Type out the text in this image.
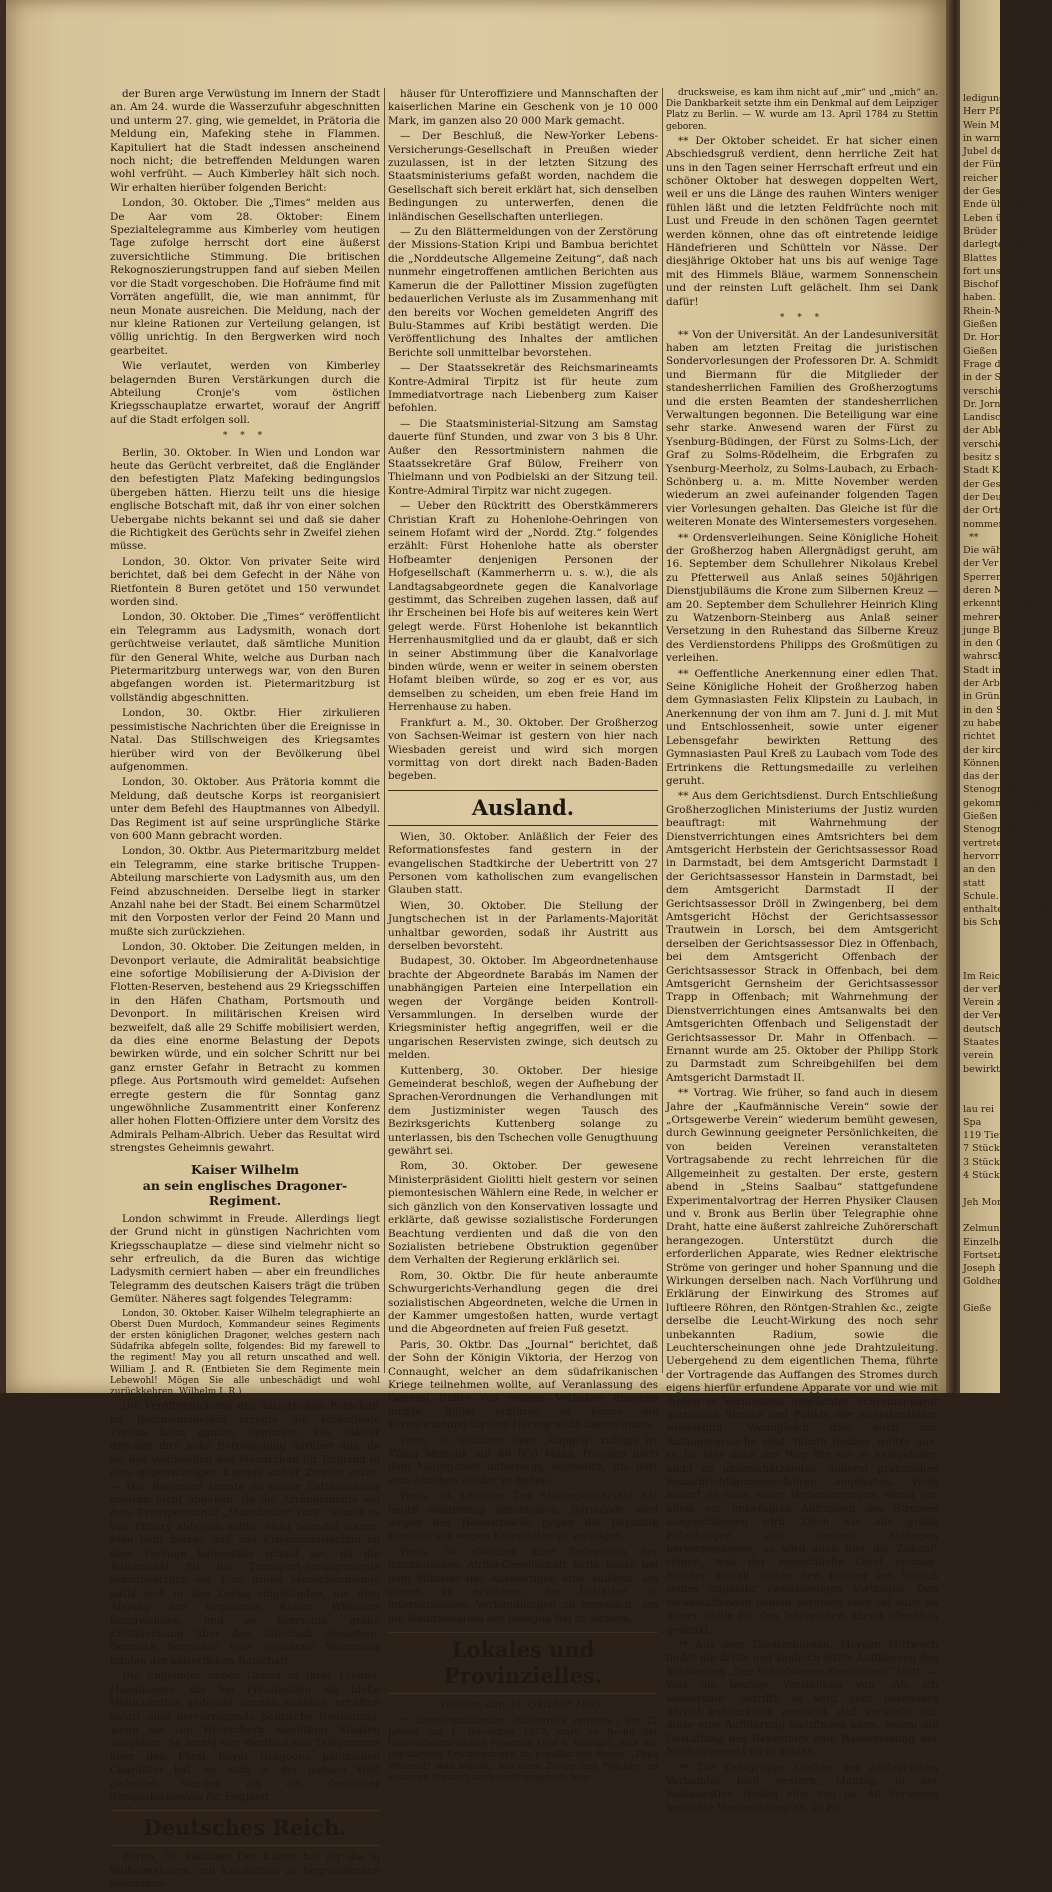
ledigung der
Herr Pfarrer
Wein Mainz
in warmen
Jubel der
der Fünfzig
reicher Deutsch
der Geschich
Ende über die
Leben über die
Brüder zu
darlegte, daß
Blattes zu
fort unser
Bischof dem
haben. Die
Rhein-Main
Gießen durch
Dr. Horn und
Gießen soll
Frage der
in der Sitz
verschieden
Dr. Jorn und
Landischen
der Ablehnung
verschieden
besitz sei es
Stadt Kasselmann
der Gesetz
der Deutsche
der Ortsgruppe
nommen.
**
Die während
der Ver
Sperren des
deren Mitglie
erkenntlich, den
mehrere
junge Besitzer
in den Ort
wahrscheinlich
Stadt in Hausa
der Arbeit
in Grünberg
in den Statt
zu haben
richtet
der kirchlichen
Können, verlau
das der den
Stenograph
gekommen, und
Gießen und
Stenograph
vertreten
hervorragende
an den
statt
Schule. Ein
enthaltene Stunde
bis Schule

Im Reichs
der verhan
Verein zu
der Verein
deutschen
Staates
verein
bewirkt

lau rei
Spa
119 Tiefstr
7 Stück
3 Stück
4 Stück

Jeh Monatung

Zelmund
Einzelheiten
Fortsetzung
Joseph Hol
Goldhenner

Gieße

der Buren arge Verwüstung im Innern der Stadt an. Am 24. wurde die Wasserzufuhr abgeschnitten und unterm 27. ging, wie gemeldet, in Prätoria die Meldung ein, Mafeking stehe in Flammen. Kapituliert hat die Stadt indessen anscheinend noch nicht; die betreffenden Meldungen waren wohl verfrüht. — Auch Kimberley hält sich noch. Wir erhalten hierüber folgenden Bericht:

London, 30. Oktober. Die „Times“ melden aus De Aar vom 28. Oktober: Einem Spezialtelegramme aus Kimberley vom heutigen Tage zufolge herrscht dort eine äußerst zuversichtliche Stimmung. Die britischen Rekognoszierungstruppen fand auf sieben Meilen vor die Stadt vorgeschoben. Die Hofräume find mit Vorräten angefüllt, die, wie man annimmt, für neun Monate ausreichen. Die Meldung, nach der nur kleine Rationen zur Verteilung gelangen, ist völlig unrichtig. In den Bergwerken wird noch gearbeitet.

Wie verlautet, werden von Kimberley belagernden Buren Verstärkungen durch die Abteilung Cronje's vom östlichen Kriegsschauplatze erwartet, worauf der Angriff auf die Stadt erfolgen soll.

* * *

Berlin, 30. Oktober. In Wien und London war heute das Gerücht verbreitet, daß die Engländer den befestigten Platz Mafeking bedingungslos übergeben hätten. Hierzu teilt uns die hiesige englische Botschaft mit, daß ihr von einer solchen Uebergabe nichts bekannt sei und daß sie daher die Richtigkeit des Gerüchts sehr in Zweifel ziehen müsse.

London, 30. Oktor. Von privater Seite wird berichtet, daß bei dem Gefecht in der Nähe von Rietfontein 8 Buren getötet und 150 verwundet worden sind.

London, 30. Oktober. Die „Times“ veröffentlicht ein Telegramm aus Ladysmith, wonach dort gerüchtweise verlautet, daß sämtliche Munition für den General White, welche aus Durban nach Pietermaritzburg unterwegs war, von den Buren abgefangen worden ist. Pietermaritzburg ist vollständig abgeschnitten.

London, 30. Oktbr. Hier zirkulieren pessimistische Nachrichten über die Ereignisse in Natal. Das Stillschweigen des Kriegsamtes hierüber wird von der Bevölkerung übel aufgenommen.

London, 30. Oktober. Aus Prätoria kommt die Meldung, daß deutsche Korps ist reorganisiert unter dem Befehl des Hauptmannes von Albedyll. Das Regiment ist auf seine ursprüngliche Stärke von 600 Mann gebracht worden.

London, 30. Oktbr. Aus Pietermaritzburg meldet ein Telegramm, eine starke britische Truppen-Abteilung marschierte von Ladysmith aus, um den Feind abzuschneiden. Derselbe liegt in starker Anzahl nahe bei der Stadt. Bei einem Scharmützel mit den Vorposten verlor der Feind 20 Mann und mußte sich zurückziehen.

London, 30. Oktober. Die Zeitungen melden, in Devonport verlaute, die Admiralität beabsichtige eine sofortige Mobilisierung der A-Division der Flotten-Reserven, bestehend aus 29 Kriegsschiffen in den Häfen Chatham, Portsmouth und Devonport. In militärischen Kreisen wird bezweifelt, daß alle 29 Schiffe mobilisiert werden, da dies eine enorme Belastung der Depots bewirken würde, und ein solcher Schritt nur bei ganz ernster Gefahr in Betracht zu kommen pflege. Aus Portsmouth wird gemeldet: Aufsehen erregte gestern die für Sonntag ganz ungewöhnliche Zusammentritt einer Konferenz aller hohen Flotten-Offiziere unter dem Vorsitz des Admirals Pelham-Albrich. Ueber das Resultat wird strengstes Geheimnis gewahrt.

Kaiser Wilhelm

an sein englisches Dragoner-Regiment.

London schwimmt in Freude. Allerdings liegt der Grund nicht in günstigen Nachrichten vom Kriegsschauplatze — diese sind vielmehr nicht so sehr erfreulich, da die Buren das wichtige Ladysmith cerniert haben — aber ein freundliches Telegramm des deutschen Kaisers trägt die trüben Gemüter. Näheres sagt folgendes Telegramm:

London, 30. Oktober. Kaiser Wilhelm telegraphierte an Oberst Duen Murdoch, Kommandeur seines Regiments der ersten königlichen Dragoner, welches gestern nach Südafrika abfegeln sollte, folgendes: Bid my farewell to the regiment! May you all return unscathed and well. William J. and R. (Entbieten Sie dem Regimente mein Lebewohl! Mögen Sie alle unbeschädigt und wohl zurückkehren. Wilhelm I. R.)

Die Veröffentlichung des kaiserlichen Botschaft im Regimentsbefehl erregte die lebhafteste Freude beim ganzen Regiment. Die Blätter drücken ihre hohe Befriedigung darüber aus, da sie das Wohlwollen des Monarchen für England in dem gegenwärtigen Kampfe außer Zweifel setze. — Das Regiment konnte zu seiner Enttäuschung gestern nicht abgehen, da die Arrangements auf dem Transportschiff „Manchester Port“, womit es von Tilbury abfegeln sollte, nicht beendet waren. Man hebt hervor, daß das Kriegsministerium an dem Verzuge keinesfalls schuld sei, da die Admiralität für die Transport-Arrangements verantwortlich sei. Eine große Menschenmenge hatte sich in den Docks eingefunden, um dem Abgang des Regiments Kaiser Wilhelms beizuwohnen, und es herrschte große Enttäuschung über den Aufschub desselben. Dennoch herrschte eine gehobene Stimmung infolge der kaiserlichen Botschaft.

Die Engländer haben Grund zu ihrer Freude. Handlungen, die bei Privatleuten als bloße Höflichkeiten gedeutet werden könnten, erhalten sofort eine hervorragende politische Bedeutung, wenn sie von Herrschern mächtiger Staaten ausgehen. So wenig der Wortlaut des Telegramms über den Fürst Royal Dragoons politischen Charakter hat, es wird in der ganzen Welt gedeutet werden als ein deutscher Sympathiebeweis für England.

Deutsches Reich.

Berlin, 30. Oktober. Der Kaiser hat für die in Wilhelmshaven und Kiautschou zu begründenden Seemanns-

häuser für Unteroffiziere und Mannschaften der kaiserlichen Marine ein Geschenk von je 10 000 Mark, im ganzen also 20 000 Mark gemacht.

— Der Beschluß, die New-Yorker Lebens-Versicherungs-Gesellschaft in Preußen wieder zuzulassen, ist in der letzten Sitzung des Staatsministeriums gefaßt worden, nachdem die Gesellschaft sich bereit erklärt hat, sich denselben Bedingungen zu unterwerfen, denen die inländischen Gesellschaften unterliegen.

— Zu den Blättermeldungen von der Zerstörung der Missions-Station Kripi und Bambua berichtet die „Norddeutsche Allgemeine Zeitung“, daß nach nunmehr eingetroffenen amtlichen Berichten aus Kamerun die der Pallottiner Mission zugefügten bedauerlichen Verluste als im Zusammenhang mit den bereits vor Wochen gemeldeten Angriff des Bulu-Stammes auf Kribi bestätigt werden. Die Veröffentlichung des Inhaltes der amtlichen Berichte soll unmittelbar bevorstehen.

— Der Staatssekretär des Reichsmarineamts Kontre-Admiral Tirpitz ist für heute zum Immediatvortrage nach Liebenberg zum Kaiser befohlen.

— Die Staatsministerial-Sitzung am Samstag dauerte fünf Stunden, und zwar von 3 bis 8 Uhr. Außer den Ressortministern nahmen die Staatssekretäre Graf Bülow, Freiherr von Thielmann und von Podbielski an der Sitzung teil. Kontre-Admiral Tirpitz war nicht zugegen.

— Ueber den Rücktritt des Oberstkämmerers Christian Kraft zu Hohenlohe-Oehringen von seinem Hofamt wird der „Nordd. Ztg.“ folgendes erzählt: Fürst Hohenlohe hatte als oberster Hofbeamter denjenigen Personen der Hofgesellschaft (Kammerherrn u. s. w.), die als Landtagsabgeordnete gegen die Kanalvorlage gestimmt, das Schreiben zugehen lassen, daß auf ihr Erscheinen bei Hofe bis auf weiteres kein Wert gelegt werde. Fürst Hohenlohe ist bekanntlich Herrenhausmitglied und da er glaubt, daß er sich in seiner Abstimmung über die Kanalvorlage binden würde, wenn er weiter in seinem obersten Hofamt bleiben würde, so zog er es vor, aus demselben zu scheiden, um eben freie Hand im Herrenhause zu haben.

Frankfurt a. M., 30. Oktober. Der Großherzog von Sachsen-Weimar ist gestern von hier nach Wiesbaden gereist und wird sich morgen vormittag von dort direkt nach Baden-Baden begeben.

Ausland.

Wien, 30. Oktober. Anläßlich der Feier des Reformationsfestes fand gestern in der evangelischen Stadtkirche der Uebertritt von 27 Personen vom katholischen zum evangelischen Glauben statt.

Wien, 30. Oktober. Die Stellung der Jungtschechen ist in der Parlaments-Majorität unhaltbar geworden, sodaß ihr Austritt aus derselben bevorsteht.

Budapest, 30. Oktober. Im Abgeordnetenhause brachte der Abgeordnete Barabás im Namen der unabhängigen Parteien eine Interpellation ein wegen der Vorgänge beiden Kontroll-Versammlungen. In derselben wurde der Kriegsminister heftig angegriffen, weil er die ungarischen Reservisten zwinge, sich deutsch zu melden.

Kuttenberg, 30. Oktober. Der hiesige Gemeinderat beschloß, wegen der Aufhebung der Sprachen-Verordnungen die Verhandlungen mit dem Justizminister wegen Tausch des Bezirksgerichts Kuttenberg solange zu unterlassen, bis den Tschechen volle Genugthuung gewährt sei.

Rom, 30. Oktober. Der gewesene Ministerpräsident Giolitti hielt gestern vor seinen piemontesischen Wählern eine Rede, in welcher er sich gänzlich von den Konservativen lossagte und erklärte, daß gewisse sozialistische Forderungen Beachtung verdienten und daß die von den Sozialisten betriebene Obstruktion gegenüber dem Verhalten der Regierung erklärlich sei.

Rom, 30. Oktbr. Die für heute anberaumte Schwurgerichts-Verhandlung gegen die drei sozialistischen Abgeordneten, welche die Urnen in der Kammer umgestoßen hatten, wurde vertagt und die Abgeordneten auf freien Fuß gesetzt.

Paris, 30. Oktbr. Das „Journal“ berichtet, daß der Sohn der Königin Viktoria, der Herzog von Connaught, welcher an dem südafrikanischen Kriege teilnehmen wollte, auf Veranlassung des General Buller von seinem Vorhaben absehen mußte. Buller erklärte, er könne die Verantwortung für den Herzog nicht übernehmen.

Paris, 30. Oktober. Dem „Rappell“ zufolge ist König Menelik mit 40 000 Mann Truppen nach dem Nigergebiet unterwegs, angeblich, um dort sein Ansehen wieder zu heben.

Paris, 30. Oktober. Der Staatsgerichtshof hat heute einstimmig beschlossen, Déroulède wird wegen des Handstreichs gegen die Republik sondern nur wegen Komplottes zu verfolgen.

Paris, 30. Oktober. Eine Delegation der französischen Afrika-Gesellschaft hatte heute bei dem Minister des Auswärtigen eine Audienz, um diesen zu ersuchen, die Initiative zu internationalen Verhandlungen zu ergreifen, um die Neutralisation der Delagoa-Bai zu sichern.

Lokales und Provinzielles.

Gießen, den 31. Oktober 1899.

** Geschichtskalender. (Nachdruck verboten.) Vor 22 Jahren, am 1. November 1877, starb zu Berlin der Generalfeldmarschall Friedrich Graf v. Wrangel, eine der populärsten Erscheinungen im preußischen Heere. „Papa Wrangel“ war beliebt, wie einst Zieten und Blücher; an letzteren erinnert auch seine originelle Aus-

drucksweise, es kam ihm nicht auf „mir“ und „mich“ an. Die Dankbarkeit setzte ihm ein Denkmal auf dem Leipziger Platz zu Berlin. — W. wurde am 13. April 1784 zu Stettin geboren.

** Der Oktober scheidet. Er hat sicher einen Abschiedsgruß verdient, denn herrliche Zeit hat uns in den Tagen seiner Herrschaft erfreut und ein schöner Oktober hat deswegen doppelten Wert, weil er uns die Länge des rauhen Winters weniger fühlen läßt und die letzten Feldfrüchte noch mit Lust und Freude in den schönen Tagen geerntet werden können, ohne das oft eintretende leidige Händefrieren und Schütteln vor Nässe. Der diesjährige Oktober hat uns bis auf wenige Tage mit des Himmels Bläue, warmem Sonnenschein und der reinsten Luft gelächelt. Ihm sei Dank dafür!

* * *

** Von der Universität. An der Landesuniversität haben am letzten Freitag die juristischen Sondervorlesungen der Professoren Dr. A. Schmidt und Biermann für die Mitglieder der standesherrlichen Familien des Großherzogtums und die ersten Beamten der standesherrlichen Verwaltungen begonnen. Die Beteiligung war eine sehr starke. Anwesend waren der Fürst zu Ysenburg-Büdingen, der Fürst zu Solms-Lich, der Graf zu Solms-Rödelheim, die Erbgrafen zu Ysenburg-Meerholz, zu Solms-Laubach, zu Erbach-Schönberg u. a. m. Mitte November werden wiederum an zwei aufeinander folgenden Tagen vier Vorlesungen gehalten. Das Gleiche ist für die weiteren Monate des Wintersemesters vorgesehen.

** Ordensverleihungen. Seine Königliche Hoheit der Großherzog haben Allergnädigst geruht, am 16. September dem Schullehrer Nikolaus Krebel zu Pfetterweil aus Anlaß seines 50jährigen Dienstjubiläums die Krone zum Silbernen Kreuz — am 20. September dem Schullehrer Heinrich Kling zu Watzenborn-Steinberg aus Anlaß seiner Versetzung in den Ruhestand das Silberne Kreuz des Verdienstordens Philipps des Großmütigen zu verleihen.

** Oeffentliche Anerkennung einer edlen That. Seine Königliche Hoheit der Großherzog haben dem Gymnasiasten Felix Klipstein zu Laubach, in Anerkennung der von ihm am 7. Juni d. J. mit Mut und Entschlossenheit, sowie unter eigener Lebensgefahr bewirkten Rettung des Gymnasiasten Paul Kreß zu Laubach vom Tode des Ertrinkens die Rettungsmedaille zu verleihen geruht.

** Aus dem Gerichtsdienst. Durch Entschließung Großherzoglichen Ministeriums der Justiz wurden beauftragt: mit Wahrnehmung der Dienstverrichtungen eines Amtsrichters bei dem Amtsgericht Herbstein der Gerichtsassessor Road in Darmstadt, bei dem Amtsgericht Darmstadt I der Gerichtsassessor Hanstein in Darmstadt, bei dem Amtsgericht Darmstadt II der Gerichtsassessor Dröll in Zwingenberg, bei dem Amtsgericht Höchst der Gerichtsassessor Trautwein in Lorsch, bei dem Amtsgericht derselben der Gerichtsassessor Diez in Offenbach, bei dem Amtsgericht Offenbach der Gerichtsassessor Strack in Offenbach, bei dem Amtsgericht Gernsheim der Gerichtsassessor Trapp in Offenbach; mit Wahrnehmung der Dienstverrichtungen eines Amtsanwalts bei den Amtsgerichten Offenbach und Seligenstadt der Gerichtsassessor Dr. Mahr in Offenbach. — Ernannt wurde am 25. Oktober der Philipp Stork zu Darmstadt zum Schreibgehilfen bei dem Amtsgericht Darmstadt II.

** Vortrag. Wie früher, so fand auch in diesem Jahre der „Kaufmännische Verein“ sowie der „Ortsgewerbe Verein“ wiederum bemüht gewesen, durch Gewinnung geeigneter Persönlichkeiten, die von beiden Vereinen veranstalteten Vortragsabende zu recht lehrreichen für die Allgemeinheit zu gestalten. Der erste, gestern abend in „Steins Saalbau“ stattgefundene Experimentalvortrag der Herren Physiker Clausen und v. Bronk aus Berlin über Telegraphie ohne Draht, hatte eine äußerst zahlreiche Zuhörerschaft herangezogen. Unterstützt durch die erforderlichen Apparate, wies Redner elektrische Ströme von geringer und hoher Spannung und die Wirkungen derselben nach. Nach Vorführung und Erklärung der Einwirkung des Stromes auf luftleere Röhren, den Röntgen-Strahlen &c., zeigte derselbe die Leucht-Wirkung des noch sehr unbekannten Radium, sowie die Leuchterscheinungen ohne jede Drahtzuleitung. Uebergehend zu dem eigentlichen Thema, führte der Vortragende das Auffangen des Stromes durch eigens hierfür erfundene Apparate vor und wie mit diesen in Verbindung gebrachter Schreibapparat getreulich Striche und Punkte der Aufgabestation wiedergibt. Wenngleich dies auch nur Anfangsversuche sind, führte Redner weiter aus, so ist hier doch der Weg für ein in Kriegsfällen nicht zu unterschätzendes, äußerst praktisches Benachrichtigungsverfahren angebahnt. Wohl bedarf es noch vieler Verbesserungen, damit vor allem ein unbefugtes Auffangen des Stromes ausgeschlossen wird. Doch wie alle große Erfindungen aus kleinen Anfängen hervorgegangen, so wird auch hier die Zukunft zeigen, was der menschliche Geist vermag. Reicher Beifall lohnte den Redner am Schluß seines ungefähr zweistündigen Vortrages. Den veranstaltenden beiden Vereinen aber sei auch an dieser Stelle für den lehrreichen Abend öffentlich gedankt.

** Aus dem Theaterbureau. Morgen Mittwoch findet die dritte und zugleich letzte Aufführung des Schwankes „Der Schlafwagen-Kontrolleur“ statt. — Was die heutige Vorstellung von „Als ich wiederkam“ betrifft, so wird ganz besonders darauf aufmerksam gemacht, daß vorläufig nur diese eine Aufführung stattfinden kann, indem die Gestaltung des Repertoirs eine Wiederholung der Novität vorerst nicht zuläßt.

** Die Ortsgruppe Gießen des Alldeutschen Verbandes hielt gestern, Montag, in der Restauration Weidig eine von ca. 40 Personen besuchte Versammlung ab. In Er-
